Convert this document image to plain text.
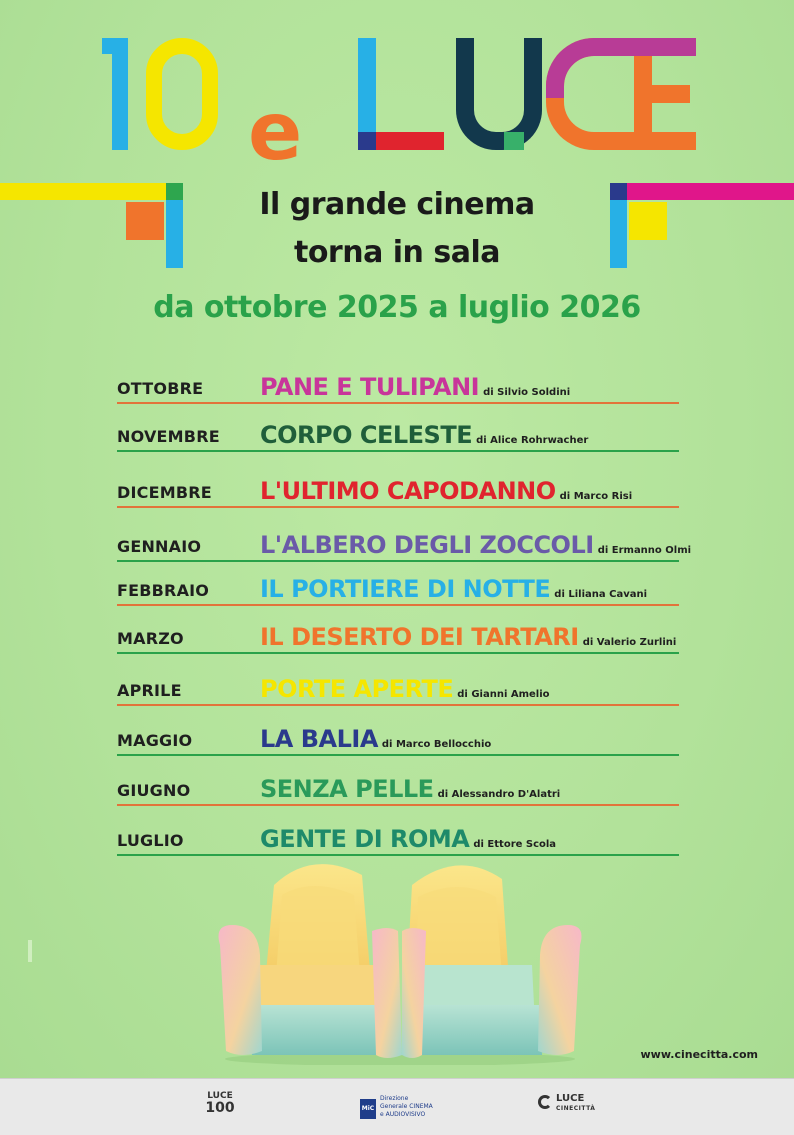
e
Il grande cinema
torna in sala
da ottobre 2025 a luglio 2026
OTTOBRE PANE E TULIPANI di Silvio Soldini
NOVEMBRE CORPO CELESTE di Alice Rohrwacher
DICEMBRE L'ULTIMO CAPODANNO di Marco Risi
GENNAIO L'ALBERO DEGLI ZOCCOLI di Ermanno Olmi
FEBBRAIO IL PORTIERE DI NOTTE di Liliana Cavani
MARZO	IL DESERTO DEI TARTARI di Valerio Zurlini
APRILE	PORTE APERTE di Gianni Amelio
MAGGIO	LA BALIA di Marco Bellocchio
GIUGNO	SENZA PELLE di Alessandro D'Alatri
LUGLIO	GENTE DI ROMA di Ettore Scola
www.cinecitta.com
LUCE
100	MiC
Direzione Generale CINEMA e AUDIOVISIVO
LUCE
CINECITTÀ
